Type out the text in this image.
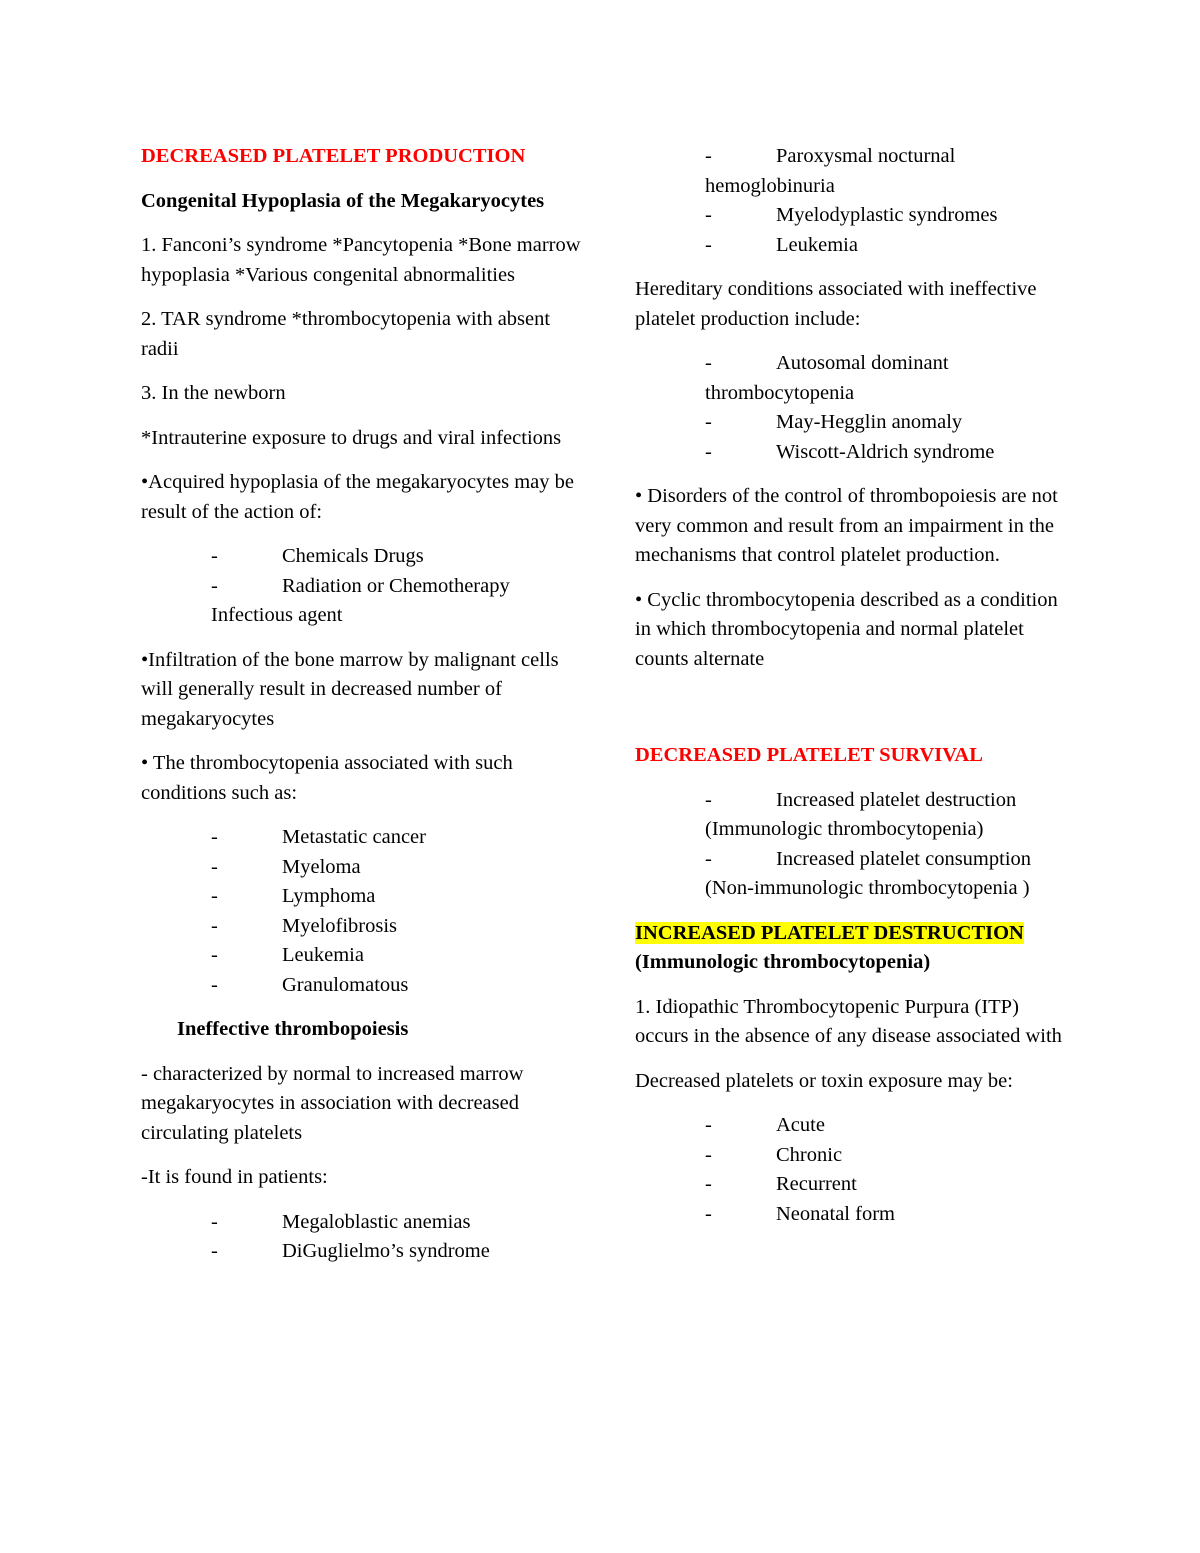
DECREASED PLATELET PRODUCTION

Congenital Hypoplasia of the Megakaryocytes

1. Fanconi’s syndrome *Pancytopenia *Bone marrow hypoplasia *Various congenital abnormalities

2. TAR syndrome *thrombocytopenia with absent radii

3. In the newborn

*Intrauterine exposure to drugs and viral infections

•Acquired hypoplasia of the megakaryocytes may be result of the action of:

- Chemicals Drugs
- Radiation or Chemotherapy
Infectious agent

•Infiltration of the bone marrow by malignant cells will generally result in decreased number of megakaryocytes

• The thrombocytopenia associated with such conditions such as:

- Metastatic cancer
- Myeloma
- Lymphoma
- Myelofibrosis
- Leukemia
- Granulomatous

Ineffective thrombopoiesis

- characterized by normal to increased marrow megakaryocytes in association with decreased circulating platelets

-It is found in patients:

- Megaloblastic anemias
- DiGuglielmo’s syndrome
- Paroxysmal nocturnal hemoglobinuria
- Myelodyplastic syndromes
- Leukemia

Hereditary conditions associated with ineffective platelet production include:

- Autosomal dominant thrombocytopenia
- May-Hegglin anomaly
- Wiscott-Aldrich syndrome

• Disorders of the control of thrombopoiesis are not very common and result from an impairment in the mechanisms that control platelet production.

• Cyclic thrombocytopenia described as a condition in which thrombocytopenia and normal platelet counts alternate

DECREASED PLATELET SURVIVAL

- Increased platelet destruction (Immunologic thrombocytopenia)
- Increased platelet consumption (Non-immunologic thrombocytopenia )

INCREASED PLATELET DESTRUCTION (Immunologic thrombocytopenia)

1. Idiopathic Thrombocytopenic Purpura (ITP) occurs in the absence of any disease associated with

Decreased platelets or toxin exposure may be:

- Acute
- Chronic
- Recurrent
- Neonatal form
